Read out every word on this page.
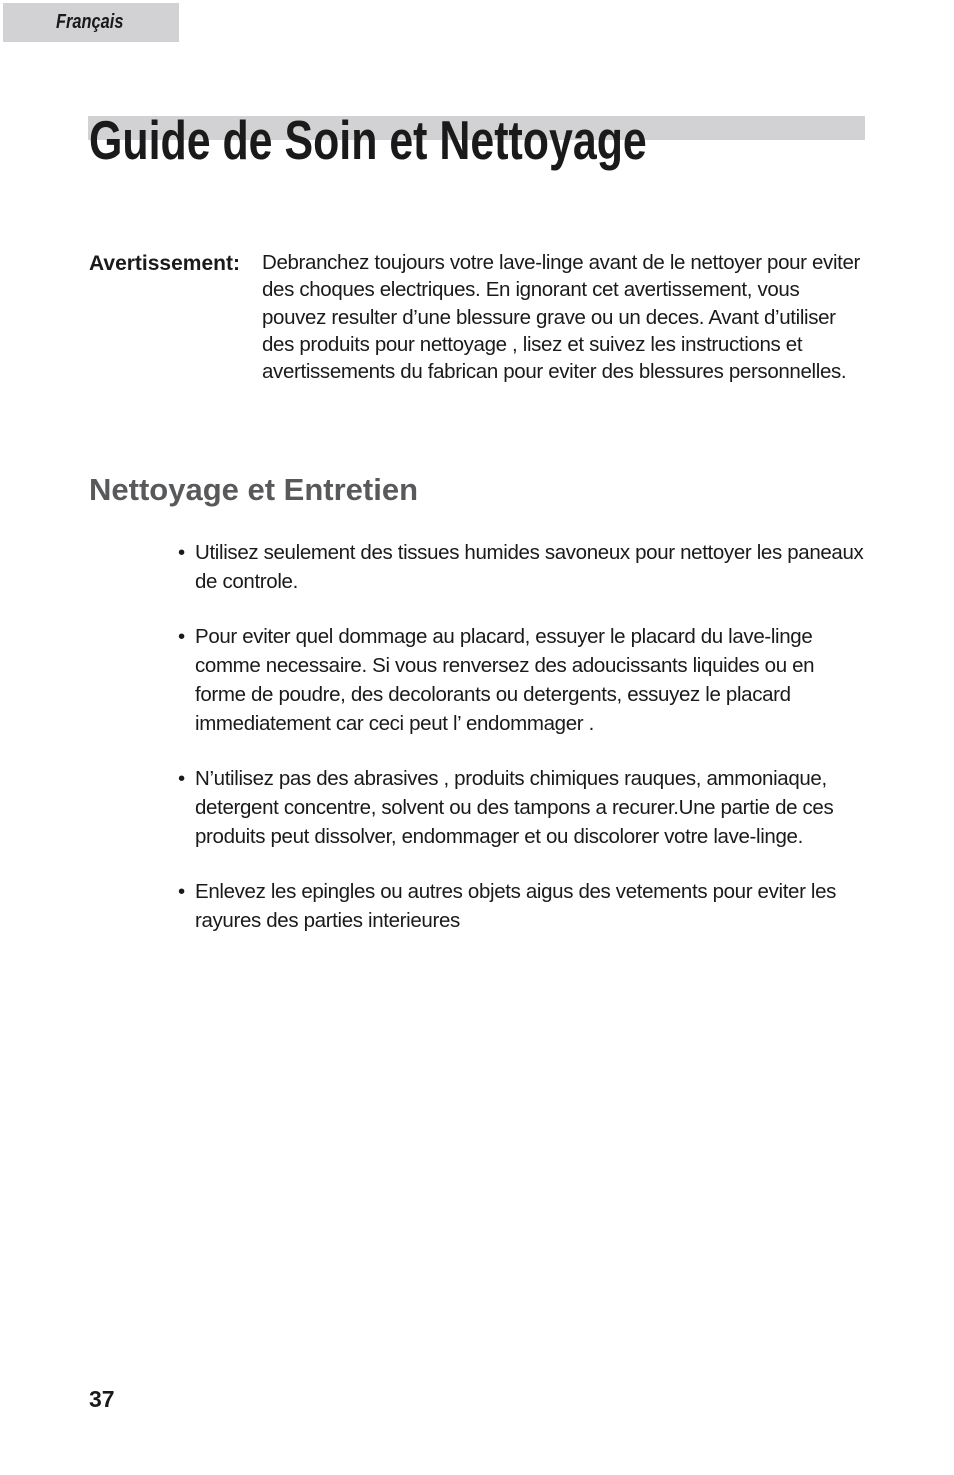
Français
Guide de Soin et Nettoyage
Avertissement: Debranchez toujours votre lave-linge avant de le nettoyer pour eviter des choques electriques. En ignorant cet avertissement, vous pouvez resulter d’une blessure grave ou un deces. Avant d’utiliser des produits pour nettoyage , lisez et suivez les instructions et avertissements du fabrican pour eviter des blessures personnelles.

Nettoyage et Entretien
• Utilisez seulement des tissues humides savoneux pour nettoyer les paneaux de controle.
• Pour eviter quel dommage au placard, essuyer le placard du lave-linge comme necessaire. Si vous renversez des adoucissants liquides ou en forme de poudre, des decolorants ou detergents, essuyez le placard immediatement car ceci peut l’ endommager .
• N’utilisez pas des abrasives , produits chimiques rauques, ammoniaque, detergent concentre, solvent ou des tampons a recurer.Une partie de ces produits peut dissolver, endommager et ou discolorer votre lave-linge.
• Enlevez les epingles ou autres objets aigus des vetements pour eviter les rayures des parties interieures
37
